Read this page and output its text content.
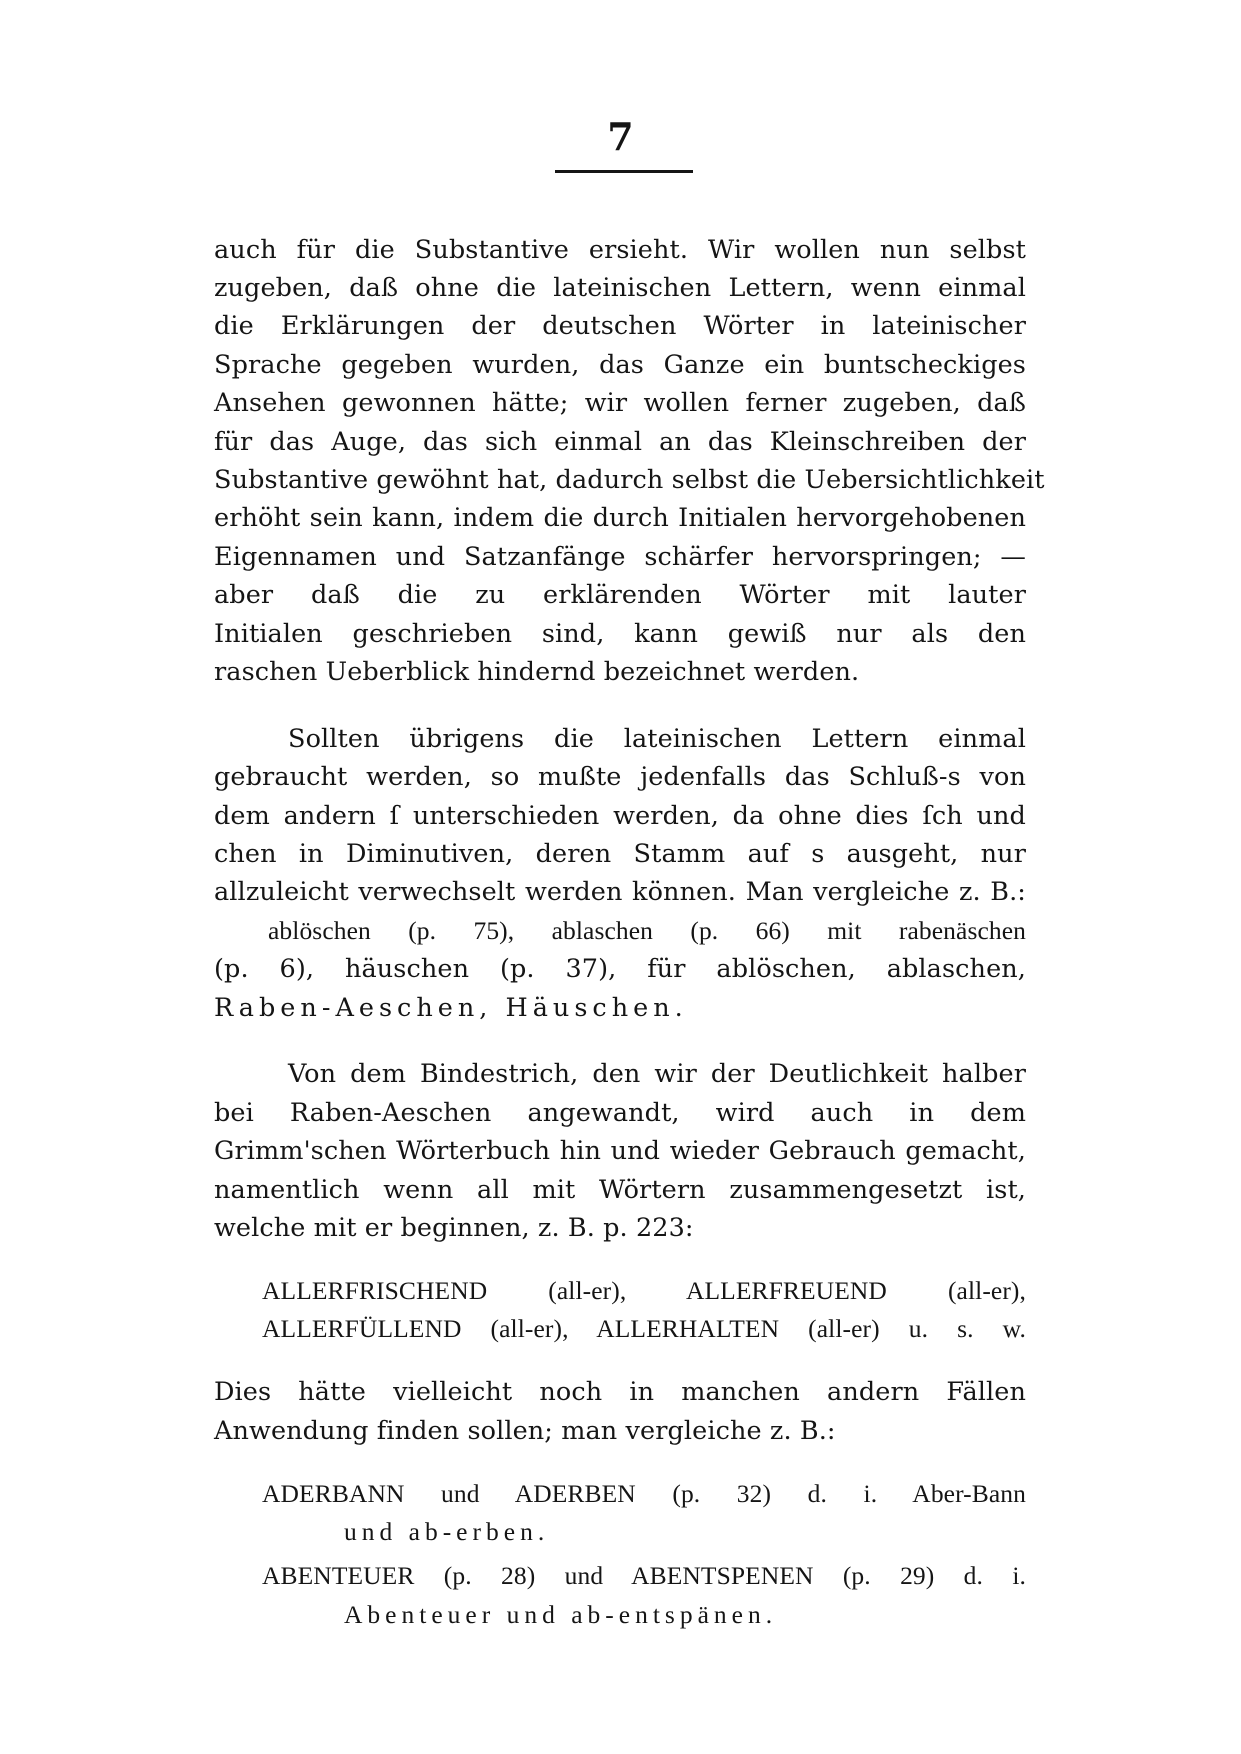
7
auch für die Substantive ersieht. Wir wollen nun selbst
zugeben, daß ohne die lateinischen Lettern, wenn einmal
die Erklärungen der deutschen Wörter in lateinischer
Sprache gegeben wurden, das Ganze ein buntscheckiges
Ansehen gewonnen hätte; wir wollen ferner zugeben, daß
für das Auge, das sich einmal an das Kleinschreiben der
Substantive gewöhnt hat, dadurch selbst die Uebersichtlichkeit
erhöht sein kann, indem die durch Initialen hervorgehobenen
Eigennamen und Satzanfänge schärfer hervorspringen; —
aber daß die zu erklärenden Wörter mit lauter
Initialen geschrieben sind, kann gewiß nur als den
raschen Ueberblick hindernd bezeichnet werden.
Sollten übrigens die lateinischen Lettern einmal
gebraucht werden, so mußte jedenfalls das Schluß-s von
dem andern ſ unterschieden werden, da ohne dies ſch und
chen in Diminutiven, deren Stamm auf s ausgeht, nur
allzuleicht verwechselt werden können. Man vergleiche z. B.:
ablöschen (p. 75), ablaschen (p. 66) mit rabenäschen
(p. 6), häuschen (p. 37), für ablöschen, ablaschen,
Raben-Aeschen, Häuschen.
Von dem Bindestrich, den wir der Deutlichkeit halber
bei Raben-Aeschen angewandt, wird auch in dem
Grimm'schen Wörterbuch hin und wieder Gebrauch gemacht,
namentlich wenn all mit Wörtern zusammengesetzt ist,
welche mit er beginnen, z. B. p. 223:
ALLERFRISCHEND (all-er), ALLERFREUEND (all-er),
ALLERFÜLLEND (all-er), ALLERHALTEN (all-er) u. s. w.
Dies hätte vielleicht noch in manchen andern Fällen
Anwendung finden sollen; man vergleiche z. B.:
ADERBANN und ADERBEN (p. 32) d. i. Aber-Bann
und ab-erben.
ABENTEUER (p. 28) und ABENTSPENEN (p. 29) d. i.
Abenteuer und ab-entspänen.
